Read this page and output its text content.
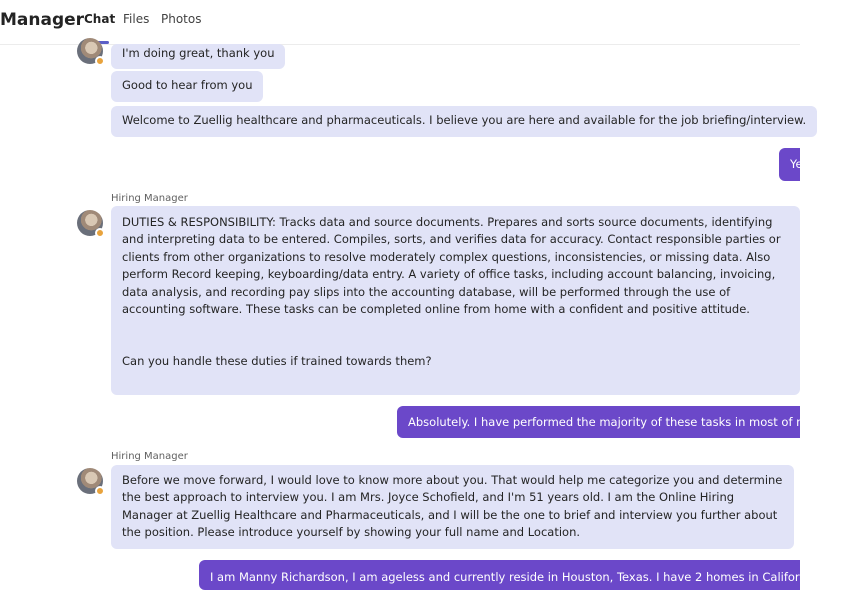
Manager Chat Files Photos
I'm doing great, thank you
Good to hear from you
Welcome to Zuellig healthcare and pharmaceuticals. I believe you are here and available for the job briefing/interview.
Ye
Hiring Manager
DUTIES & RESPONSIBILITY: Tracks data and source documents. Prepares and sorts source documents, identifying and interpreting data to be entered. Compiles, sorts, and verifies data for accuracy. Contact responsible parties or clients from other organizations to resolve moderately complex questions, inconsistencies, or missing data. Also perform Record keeping, keyboarding/data entry. A variety of office tasks, including account balancing, invoicing, data analysis, and recording pay slips into the accounting database, will be performed through the use of accounting software. These tasks can be completed online from home with a confident and positive attitude.
Can you handle these duties if trained towards them?
Absolutely. I have performed the majority of these tasks in most of my pre
Hiring Manager
Before we move forward, I would love to know more about you. That would help me categorize you and determine the best approach to interview you. I am Mrs. Joyce Schofield, and I'm 51 years old. I am the Online Hiring Manager at Zuellig Healthcare and Pharmaceuticals, and I will be the one to brief and interview you further about the position. Please introduce yourself by showing your full name and Location.
I am Manny Richardson, I am ageless and currently reside in Houston, Texas. I have 2 homes in California, for w
